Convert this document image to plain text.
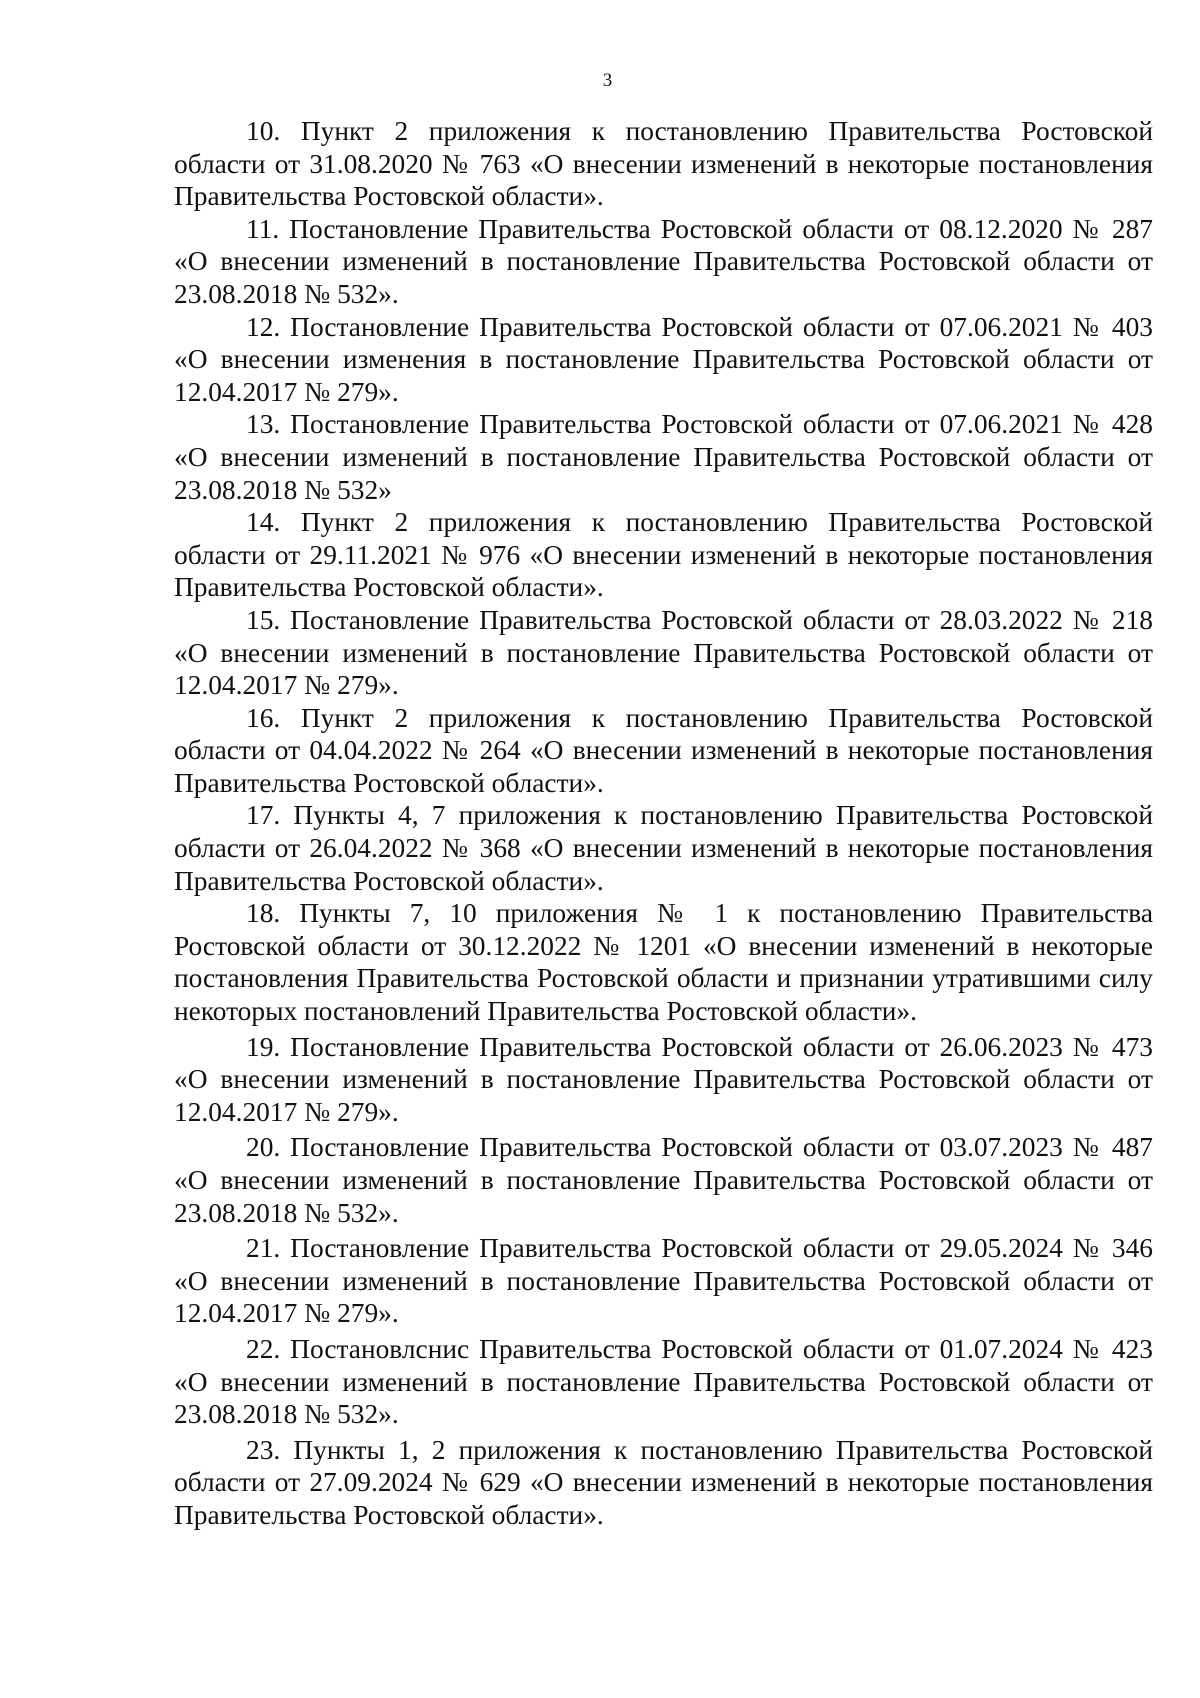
3

10. Пункт 2 приложения к постановлению Правительства Ростовской области от 31.08.2020 № 763 «О внесении изменений в некоторые постановления Правительства Ростовской области».

11. Постановление Правительства Ростовской области от 08.12.2020 № 287 «О внесении изменений в постановление Правительства Ростовской области от 23.08.2018 № 532».

12. Постановление Правительства Ростовской области от 07.06.2021 № 403 «О внесении изменения в постановление Правительства Ростовской области от 12.04.2017 № 279».

13. Постановление Правительства Ростовской области от 07.06.2021 № 428 «О внесении изменений в постановление Правительства Ростовской области от 23.08.2018 № 532»

14. Пункт 2 приложения к постановлению Правительства Ростовской области от 29.11.2021 № 976 «О внесении изменений в некоторые постановления Правительства Ростовской области».

15. Постановление Правительства Ростовской области от 28.03.2022 № 218 «О внесении изменений в постановление Правительства Ростовской области от 12.04.2017 № 279».

16. Пункт 2 приложения к постановлению Правительства Ростовской области от 04.04.2022 № 264 «О внесении изменений в некоторые постановления Правительства Ростовской области».

17. Пункты 4, 7 приложения к постановлению Правительства Ростовской области от 26.04.2022 № 368 «О внесении изменений в некоторые постановления Правительства Ростовской области».

18. Пункты 7, 10 приложения № 1 к постановлению Правительства Ростовской области от 30.12.2022 № 1201 «О внесении изменений в некоторые постановления Правительства Ростовской области и признании утратившими силу некоторых постановлений Правительства Ростовской области».

19. Постановление Правительства Ростовской области от 26.06.2023 № 473 «О внесении изменений в постановление Правительства Ростовской области от 12.04.2017 № 279».

20. Постановление Правительства Ростовской области от 03.07.2023 № 487 «О внесении изменений в постановление Правительства Ростовской области от 23.08.2018 № 532».

21. Постановление Правительства Ростовской области от 29.05.2024 № 346 «О внесении изменений в постановление Правительства Ростовской области от 12.04.2017 № 279».

22. Постановлснис Правительства Ростовской области от 01.07.2024 № 423 «О внесении изменений в постановление Правительства Ростовской области от 23.08.2018 № 532».

23. Пункты 1, 2 приложения к постановлению Правительства Ростовской области от 27.09.2024 № 629 «О внесении изменений в некоторые постановления Правительства Ростовской области».
